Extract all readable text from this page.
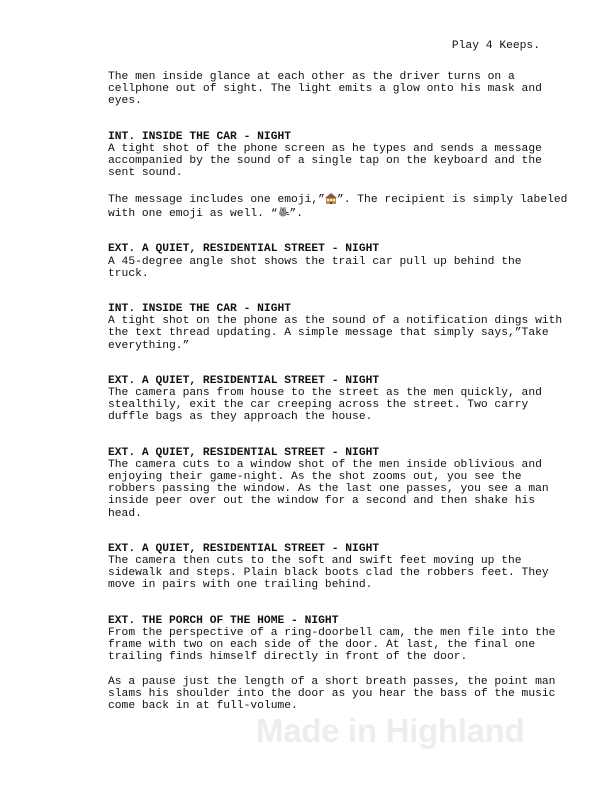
Play 4 Keeps.
The men inside glance at each other as the driver turns on a cellphone out of sight. The light emits a glow onto his mask and eyes.
INT. INSIDE THE CAR - NIGHT
A tight shot of the phone screen as he types and sends a message accompanied by the sound of a single tap on the keyboard and the sent sound.
The message includes one emoji,” ”. The recipient is simply labeled with one emoji as well. “ ”.
EXT. A QUIET, RESIDENTIAL STREET - NIGHT
A 45-degree angle shot shows the trail car pull up behind the truck.
INT. INSIDE THE CAR - NIGHT
A tight shot on the phone as the sound of a notification dings with the text thread updating. A simple message that simply says,”Take everything.”
EXT. A QUIET, RESIDENTIAL STREET - NIGHT
The camera pans from house to the street as the men quickly, and stealthily, exit the car creeping across the street. Two carry duffle bags as they approach the house.
EXT. A QUIET, RESIDENTIAL STREET - NIGHT
The camera cuts to a window shot of the men inside oblivious and enjoying their game-night. As the shot zooms out, you see the robbers passing the window. As the last one passes, you see a man inside peer over out the window for a second and then shake his head.
EXT. A QUIET, RESIDENTIAL STREET - NIGHT
The camera then cuts to the soft and swift feet moving up the sidewalk and steps. Plain black boots clad the robbers feet. They move in pairs with one trailing behind.
EXT. THE PORCH OF THE HOME - NIGHT
From the perspective of a ring-doorbell cam, the men file into the frame with two on each side of the door. At last, the final one trailing finds himself directly in front of the door.
As a pause just the length of a short breath passes, the point man slams his shoulder into the door as you hear the bass of the music come back in at full-volume.
Made in Highland
